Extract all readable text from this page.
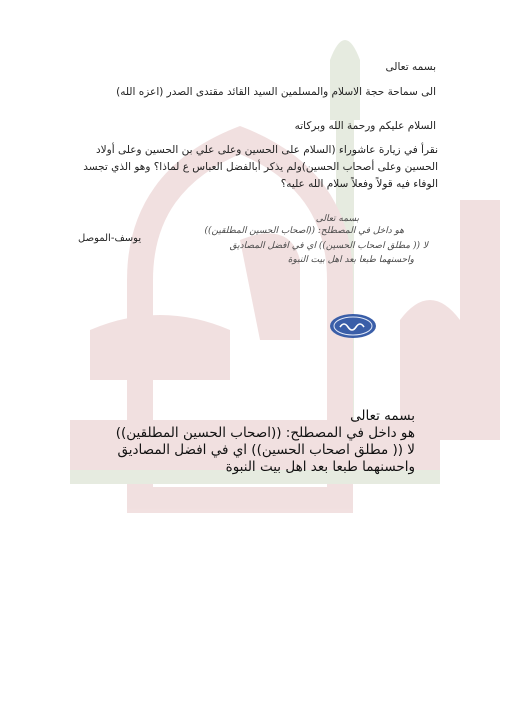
بسمه تعالى
الى سماحة حجة الاسلام والمسلمين السيد القائد مقتدى الصدر (اعزه الله)
السلام عليكم ورحمة الله وبركاته
نقرأ في زيارة عاشوراء (السلام على الحسين وعلى علي بن الحسين وعلى أولاد
الحسين وعلى أصحاب الحسين)ولم يذكر أبالفضل العباس ع لماذا؟ وهو الذي تجسد
الوفاء فيه قولاً وفعلاً سلام الله عليه؟
يوسف-الموصل
بسمه تعالى
هو داخل في المصطلح: ((اصحاب الحسين المطلقين))
لا (( مطلق اصحاب الحسين)) اي في افضل المصاديق
واحسنهما طبعا بعد اهل بيت النبوة
بسمه تعالى
هو داخل في المصطلح: ((اصحاب الحسين المطلقين))
لا (( مطلق اصحاب الحسين)) اي في افضل المصاديق
واحسنهما طبعا بعد اهل بيت النبوة
